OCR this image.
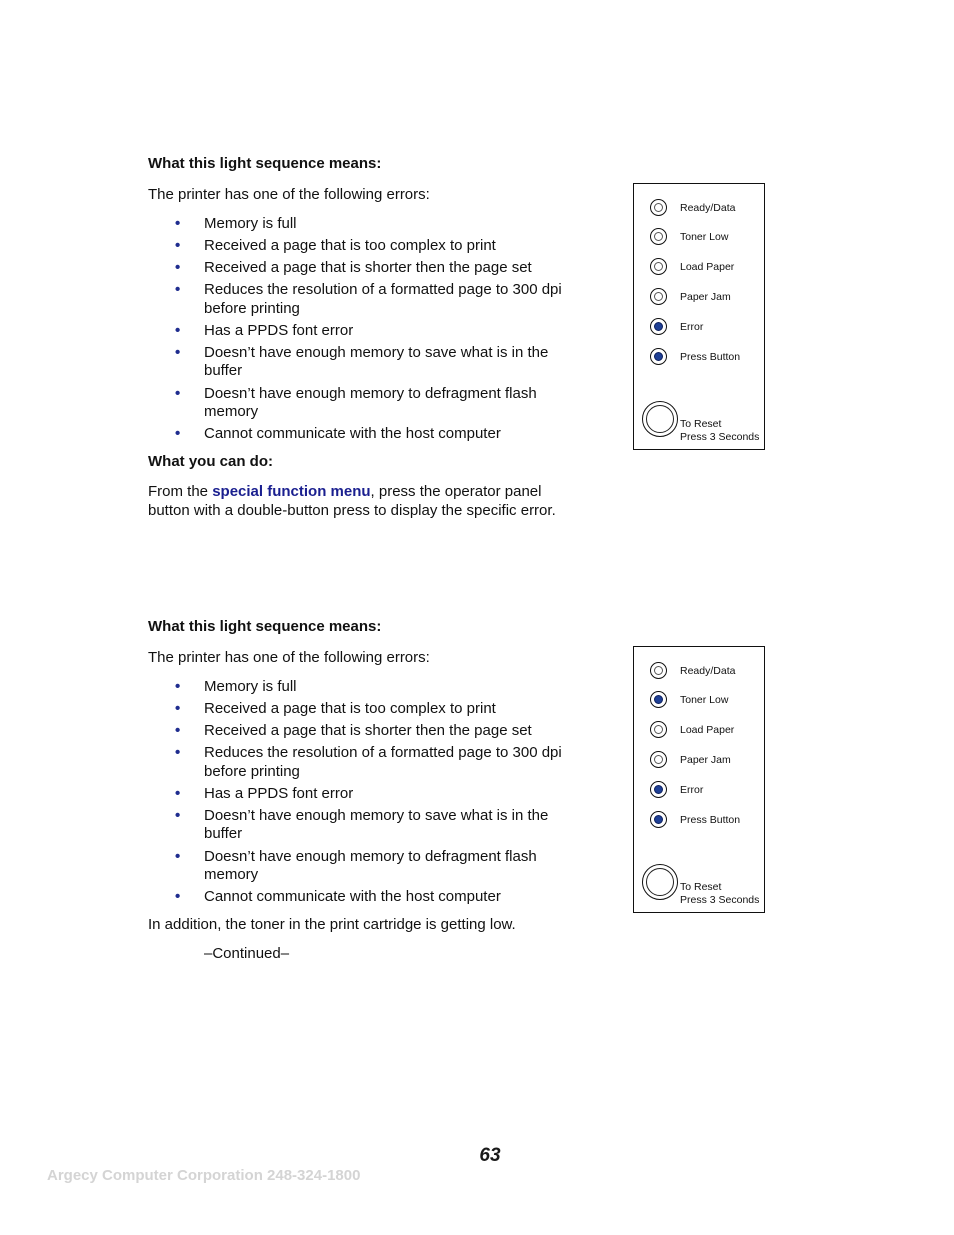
What this light sequence means:

The printer has one of the following errors:

• Memory is full
• Received a page that is too complex to print
• Received a page that is shorter then the page set
• Reduces the resolution of a formatted page to 300 dpi before printing
• Has a PPDS font error
• Doesn’t have enough memory to save what is in the buffer
• Doesn’t have enough memory to defragment flash memory
• Cannot communicate with the host computer

What you can do:

From the special function menu, press the operator panel button with a double-button press to display the specific error.

Ready/Data
Toner Low
Load Paper
Paper Jam
Error
Press Button
To Reset
Press 3 Seconds

What this light sequence means:

The printer has one of the following errors:

• Memory is full
• Received a page that is too complex to print
• Received a page that is shorter then the page set
• Reduces the resolution of a formatted page to 300 dpi before printing
• Has a PPDS font error
• Doesn’t have enough memory to save what is in the buffer
• Doesn’t have enough memory to defragment flash memory
• Cannot communicate with the host computer

In addition, the toner in the print cartridge is getting low.

–Continued–

Ready/Data
Toner Low
Load Paper
Paper Jam
Error
Press Button
To Reset
Press 3 Seconds
63
Argecy Computer Corporation 248-324-1800
